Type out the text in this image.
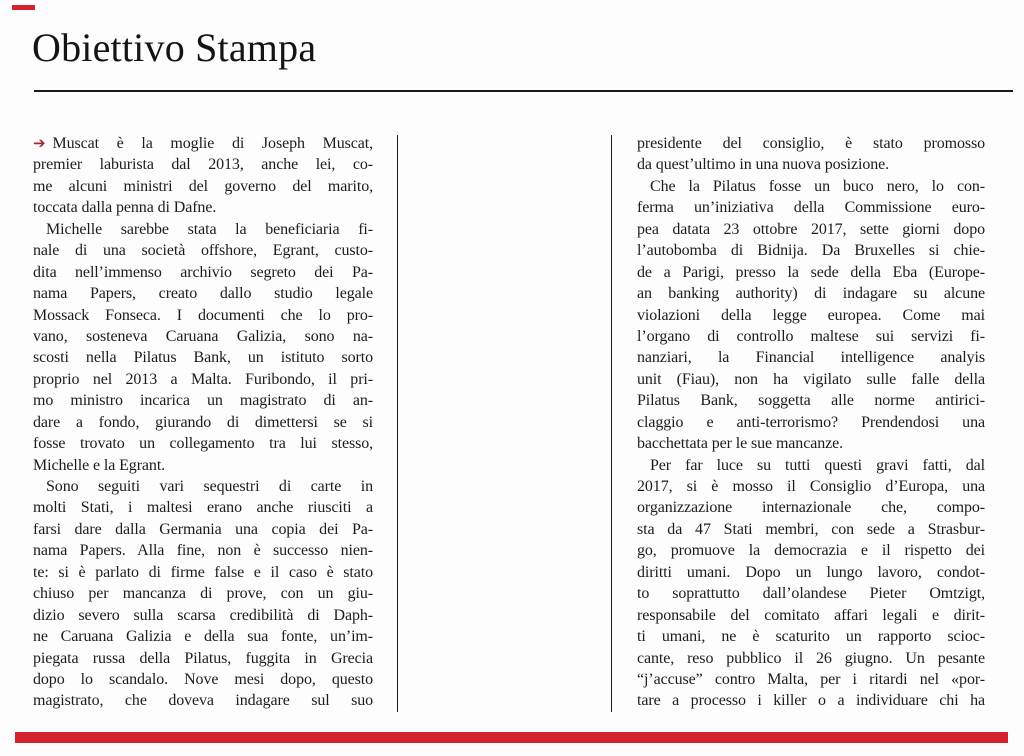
Obiettivo Stampa
➔ Muscat è la moglie di Joseph Muscat,
premier laburista dal 2013, anche lei, co-
me alcuni ministri del governo del marito,
toccata dalla penna di Dafne.
Michelle sarebbe stata la beneficiaria fi-
nale di una società offshore, Egrant, custo-
dita nell’immenso archivio segreto dei Pa-
nama Papers, creato dallo studio legale
Mossack Fonseca. I documenti che lo pro-
vano, sosteneva Caruana Galizia, sono na-
scosti nella Pilatus Bank, un istituto sorto
proprio nel 2013 a Malta. Furibondo, il pri-
mo ministro incarica un magistrato di an-
dare a fondo, giurando di dimettersi se si
fosse trovato un collegamento tra lui stesso,
Michelle e la Egrant.
Sono seguiti vari sequestri di carte in
molti Stati, i maltesi erano anche riusciti a
farsi dare dalla Germania una copia dei Pa-
nama Papers. Alla fine, non è successo nien-
te: si è parlato di firme false e il caso è stato
chiuso per mancanza di prove, con un giu-
dizio severo sulla scarsa credibilità di Daph-
ne Caruana Galizia e della sua fonte, un’im-
piegata russa della Pilatus, fuggita in Grecia
dopo lo scandalo. Nove mesi dopo, questo
magistrato, che doveva indagare sul suo
presidente del consiglio, è stato promosso
da quest’ultimo in una nuova posizione.
Che la Pilatus fosse un buco nero, lo con-
ferma un’iniziativa della Commissione euro-
pea datata 23 ottobre 2017, sette giorni dopo
l’autobomba di Bidnija. Da Bruxelles si chie-
de a Parigi, presso la sede della Eba (Europe-
an banking authority) di indagare su alcune
violazioni della legge europea. Come mai
l’organo di controllo maltese sui servizi fi-
nanziari, la Financial intelligence analyis
unit (Fiau), non ha vigilato sulle falle della
Pilatus Bank, soggetta alle norme antirici-
claggio e anti-terrorismo? Prendendosi una
bacchettata per le sue mancanze.
Per far luce su tutti questi gravi fatti, dal
2017, si è mosso il Consiglio d’Europa, una
organizzazione internazionale che, compo-
sta da 47 Stati membri, con sede a Strasbur-
go, promuove la democrazia e il rispetto dei
diritti umani. Dopo un lungo lavoro, condot-
to soprattutto dall’olandese Pieter Omtzigt,
responsabile del comitato affari legali e dirit-
ti umani, ne è scaturito un rapporto scioc-
cante, reso pubblico il 26 giugno. Un pesante
“j’accuse” contro Malta, per i ritardi nel «por-
tare a processo i killer o a individuare chi ha
